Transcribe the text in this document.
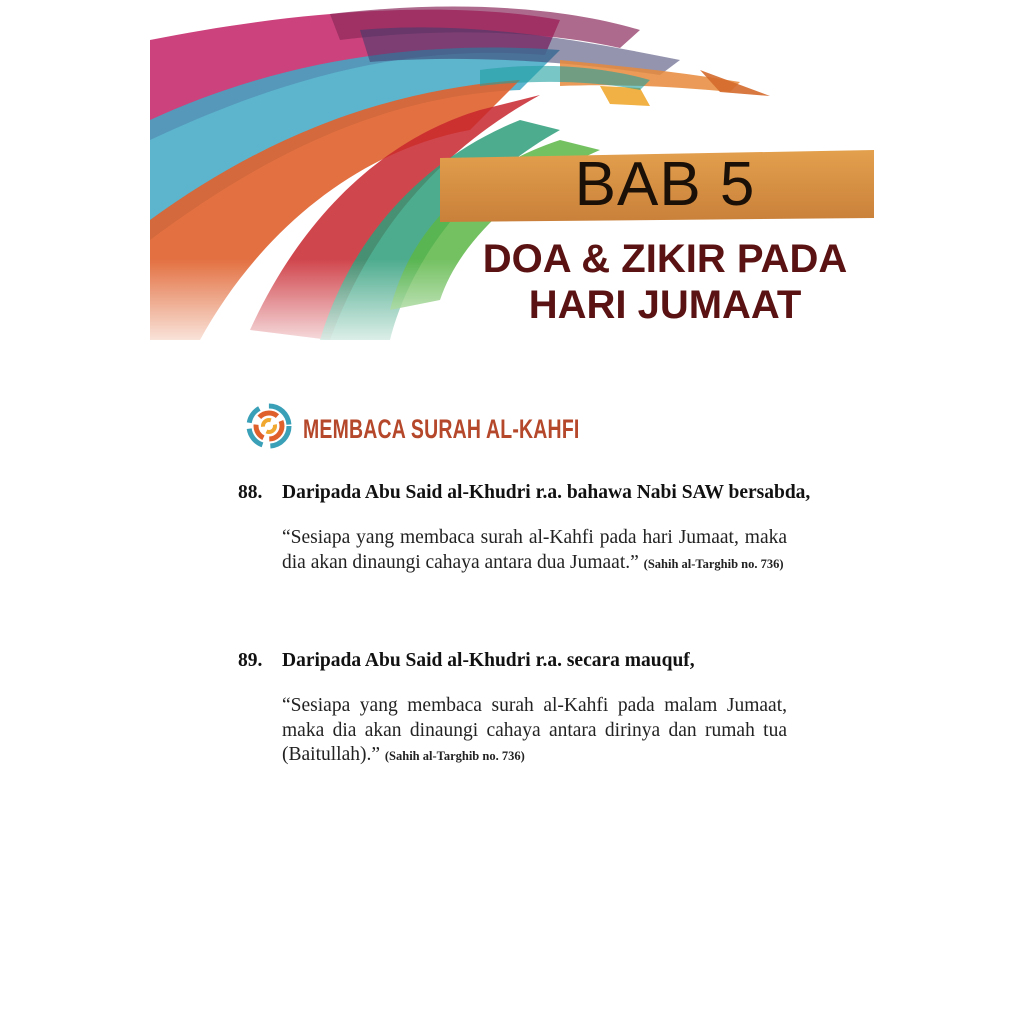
BAB 5
DOA & ZIKIR PADA
HARI JUMAAT
MEMBACA SURAH AL-KAHFI
88. Daripada Abu Said al-Khudri r.a. bahawa Nabi SAW bersabda,
“Sesiapa yang membaca surah al-Kahfi pada hari Jumaat, maka dia akan dinaungi cahaya antara dua Jumaat.” (Sahih al-Targhib no. 736)
89. Daripada Abu Said al-Khudri r.a. secara mauquf,
“Sesiapa yang membaca surah al-Kahfi pada malam Jumaat, maka dia akan dinaungi cahaya antara dirinya dan rumah tua (Baitullah).” (Sahih al-Targhib no. 736)
